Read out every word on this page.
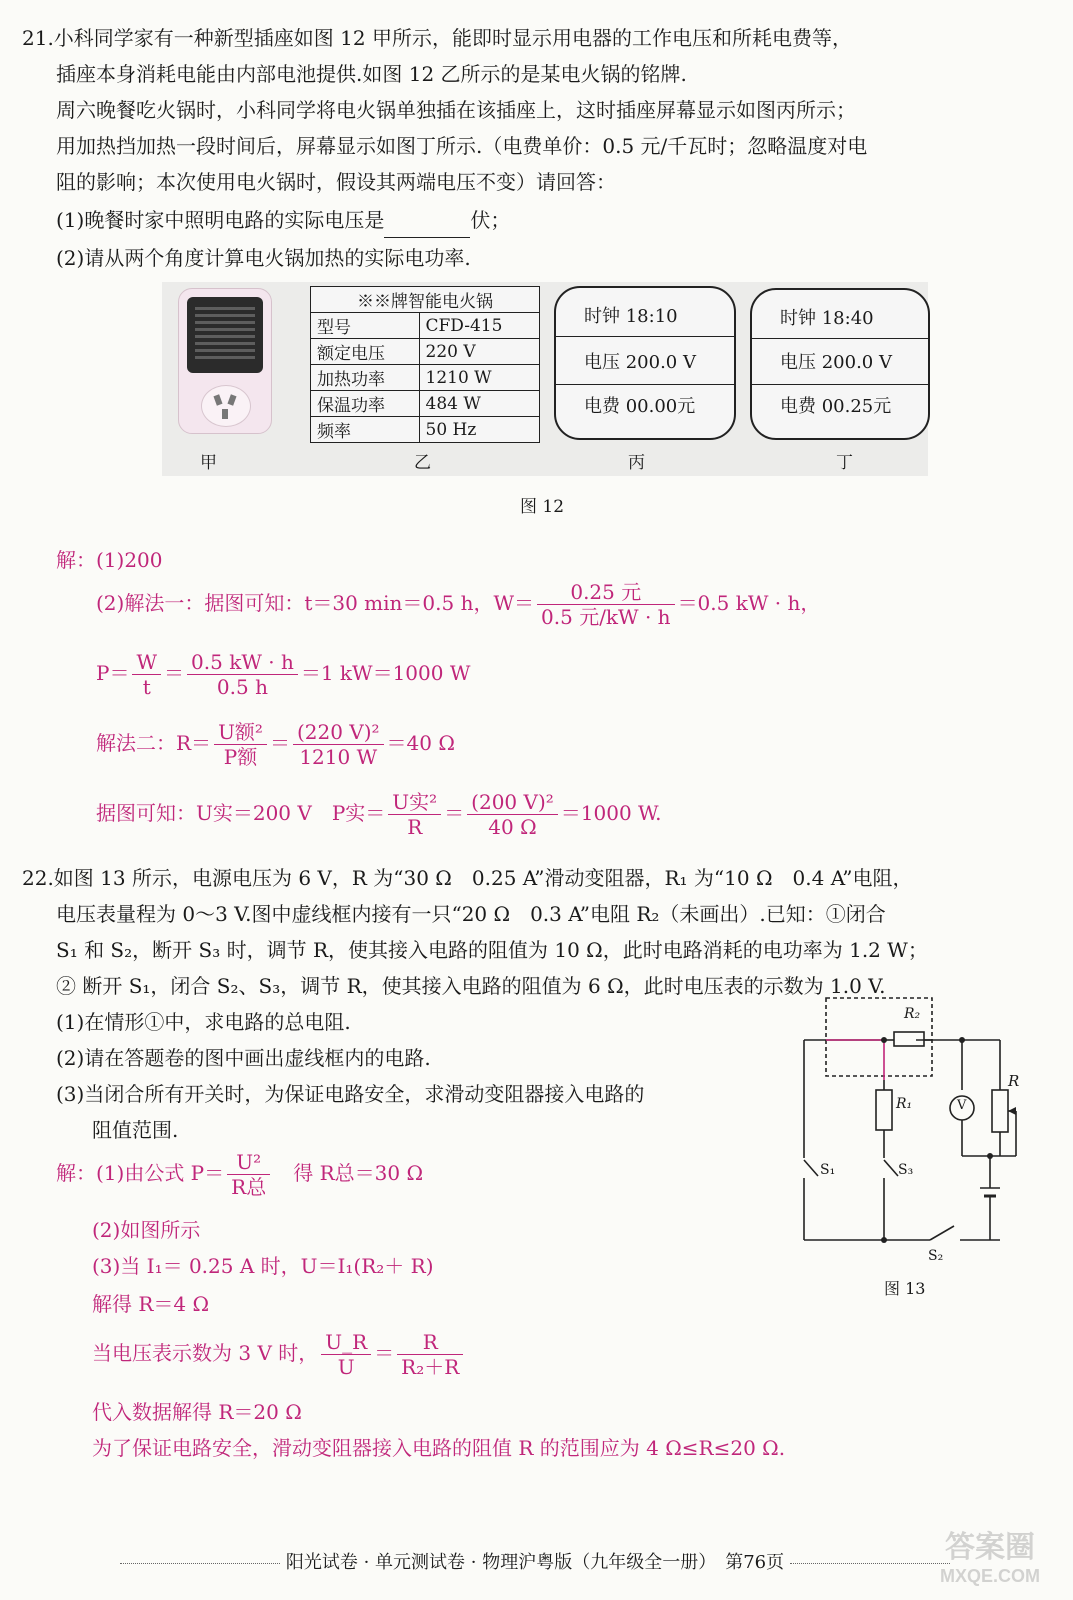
21.小科同学家有一种新型插座如图 12 甲所示，能即时显示用电器的工作电压和所耗电费等，
插座本身消耗电能由内部电池提供.如图 12 乙所示的是某电火锅的铭牌.
周六晚餐吃火锅时，小科同学将电火锅单独插在该插座上，这时插座屏幕显示如图丙所示；
用加热挡加热一段时间后，屏幕显示如图丁所示.（电费单价：0.5 元/千瓦时；忽略温度对电
阻的影响；本次使用电火锅时，假设其两端电压不变）请回答：
(1)晚餐时家中照明电路的实际电压是	伏；
(2)请从两个角度计算电火锅加热的实际电功率.
※※牌智能电火锅	
型号	CFD-415
额定电压	220 V
加热功率	1210 W
保温功率	484 W
频率	50 Hz
时钟 18:10
电压 200.0 V
电费 00.00元
时钟 18:40
电压 200.0 V
电费 00.25元
甲	乙	丙	丁
图 12
解：(1)200
(2)解法一：据图可知：t＝30 min＝0.5 h，$W= \frac{\text{0.25 元}}{\text{0.5 元/kW · h}} =0.5$ kW · h，
$P= \frac{W}{t} = \frac{0.5 kW \cdot h}{0.5 h} =1$ kW＝1000 W
解法二：$R= \frac{\text{U额²}}{\text{P额}} = \frac{\text{(220 V)²}}{1210 W} =40$ Ω
据图可知：U实＝200 V　P实＝ $\frac{\text{U实²}}{R} = \frac{\text{(200 V)²}}{40 \Omega} =1000$ W.
22.如图 13 所示，电源电压为 6 V，R 为“30 Ω　0.25 A”滑动变阻器，R₁ 为“10 Ω　0.4 A”电阻，
电压表量程为 0～3 V.图中虚线框内接有一只“20 Ω　0.3 A”电阻 R₂（未画出）.已知：①闭合
S₁ 和 S₂，断开 S₃ 时，调节 R，使其接入电路的阻值为 10 Ω，此时电路消耗的电功率为 1.2 W；
② 断开 S₁，闭合 S₂、S₃，调节 R，使其接入电路的阻值为 6 Ω，此时电压表的示数为 1.0 V.
(1)在情形①中，求电路的总电阻.
(2)请在答题卷的图中画出虚线框内的电路.
(3)当闭合所有开关时，为保证电路安全，求滑动变阻器接入电路的
阻值范围.
R₂
R₁
R
V
S₁	S₃
S₂
图 13
解：(1)由公式 $P= \frac{\text{U²}}{\text{R总}}$ 　得 R总＝30 Ω
(2)如图所示
(3)当 I₁＝ 0.25 A 时，U＝I₁(R₂＋ R)
解得 R＝4 Ω
当电压表示数为 3 V 时， $\frac{U\_R}{U} = \frac{R}{\text{R₂＋R}}$
代入数据解得 R＝20 Ω
为了保证电路安全，滑动变阻器接入电路的阻值 R 的范围应为 4 Ω≤R≤20 Ω.
阳光试卷 · 单元测试卷 · 物理沪粤版（九年级全一册）　第76页	答案圈
MXQE.COM
